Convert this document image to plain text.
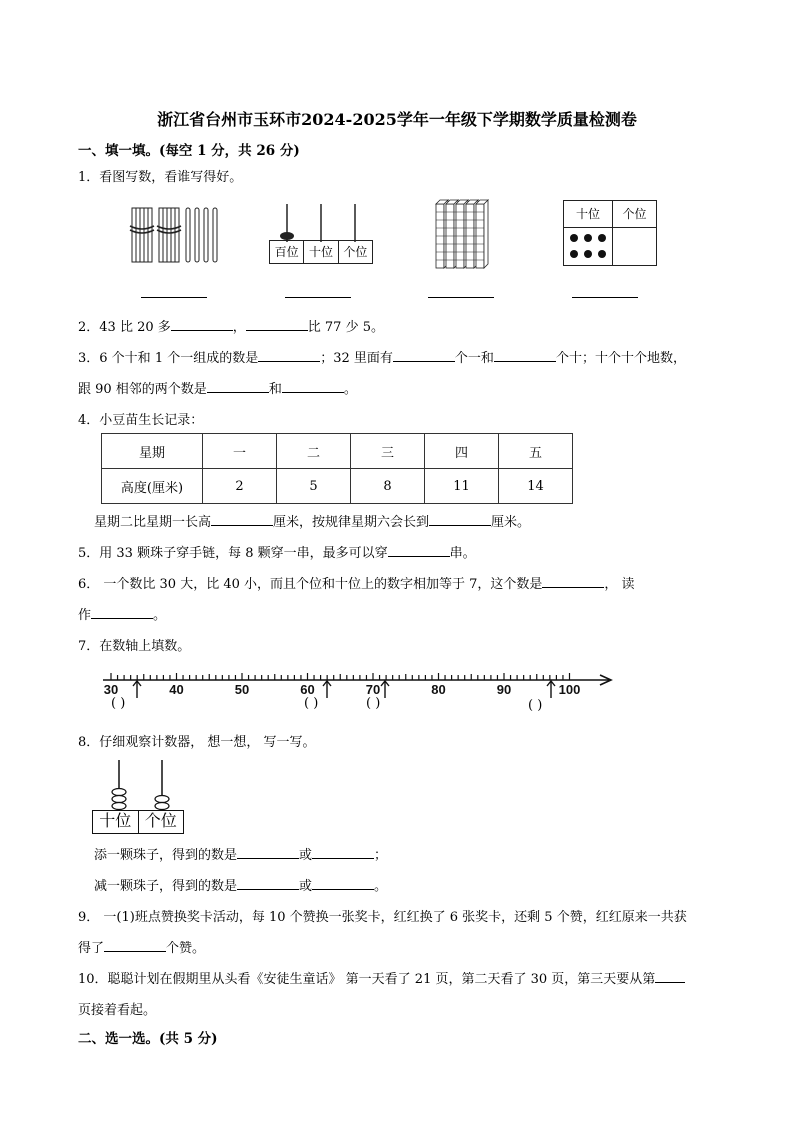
浙江省台州市玉环市2024-2025学年一年级下学期数学质量检测卷
一、填一填。(每空 1 分，共 26 分)
1．看图写数，看谁写得好。
百位 十位 个位
十位	个位
2．43 比 20 多	，	比 77 少 5。
3．6 个十和 1 个一组成的数是	；32 里面有	个一和	个十；十个十个地数，
跟 90 相邻的两个数是	和	。
4．小豆苗生长记录：
星期	一	二	三	四	五
高度(厘米)	2	5	8	11	14
星期二比星期一长高	厘米，按规律星期六会长到	厘米。
5．用 33 颗珠子穿手链，每 8 颗穿一串，最多可以穿	串。
6． 一个数比 30 大，比 40 小，而且个位和十位上的数字相加等于 7，这个数是	， 读
作	。
7．在数轴上填数。
30	40	50	60	70	80	90	100
( )	( )	( )	( )
8．仔细观察计数器， 想一想， 写一写。
十位 个位
添一颗珠子，得到的数是	或	；
减一颗珠子，得到的数是	或	。
9． 一(1)班点赞换奖卡活动，每 10 个赞换一张奖卡，红红换了 6 张奖卡，还剩 5 个赞，红红原来一共获
得了	个赞。
10．聪聪计划在假期里从头看《安徒生童话》 第一天看了 21 页，第二天看了 30 页，第三天要从第
页接着看起。
二、选一选。(共 5 分)
